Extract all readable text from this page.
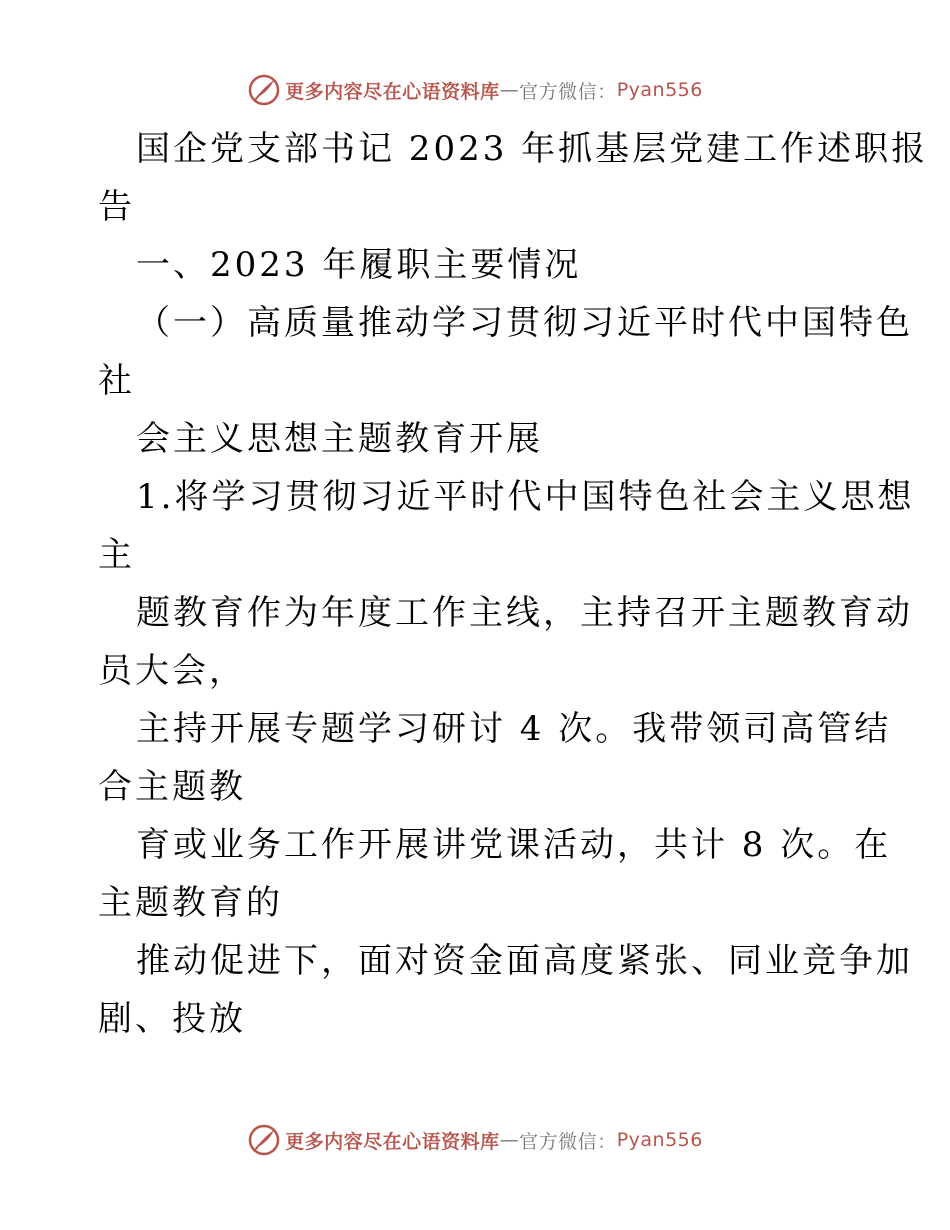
更多内容尽在心语资料库 — 官方微信： Pyan556
国企党支部书记 2023 年抓基层党建工作述职报
告
一、2023 年履职主要情况
（一）高质量推动学习贯彻习近平时代中国特色
社
会主义思想主题教育开展
1.将学习贯彻习近平时代中国特色社会主义思想
主
题教育作为年度工作主线，主持召开主题教育动
员大会，
主持开展专题学习研讨 4 次。我带领司高管结
合主题教
育或业务工作开展讲党课活动，共计 8 次。在
主题教育的
推动促进下，面对资金面高度紧张、同业竞争加
剧、投放
更多内容尽在心语资料库 — 官方微信： Pyan556
